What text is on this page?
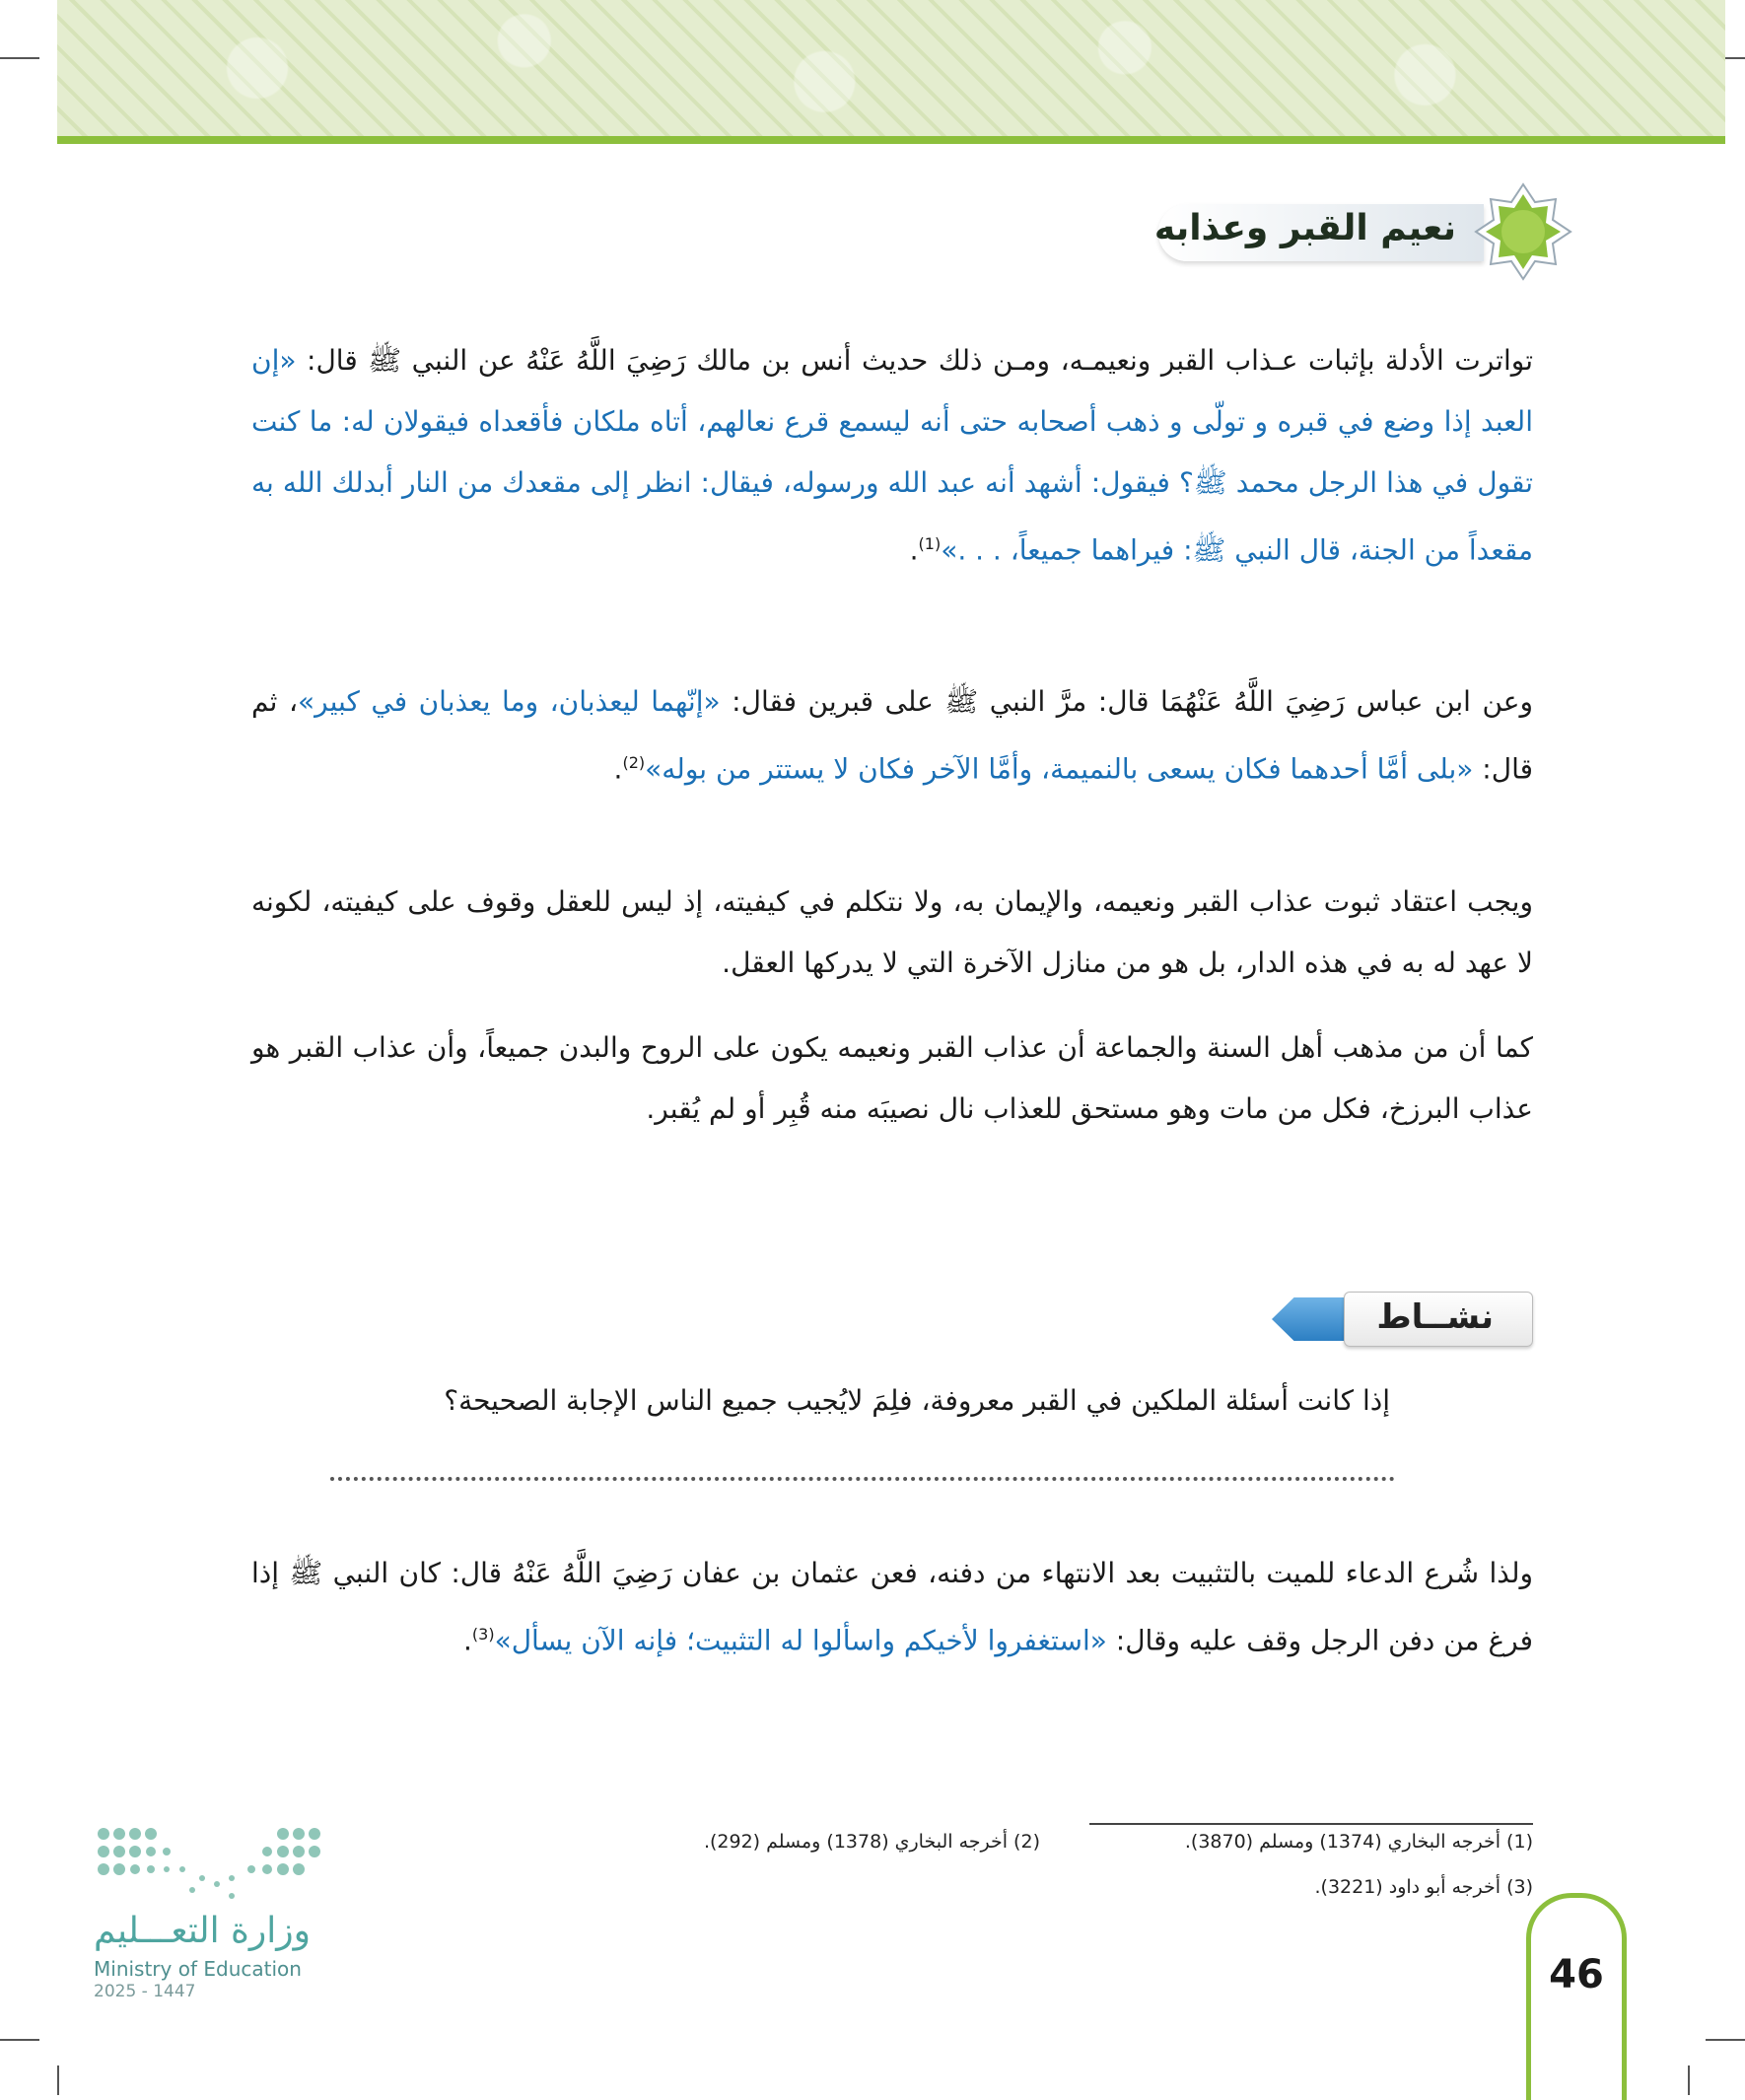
نعيم القبر وعذابه

تواترت الأدلة بإثبات عـذاب القبر ونعيمـه، ومـن ذلك حديث أنس بن مالك رَضِيَ اللَّهُ عَنْهُ عن النبي ﷺ قال: «إن العبد إذا وضع في قبره و تولّى و ذهب أصحابه حتى أنه ليسمع قرع نعالهم، أتاه ملكان فأقعداه فيقولان له: ما كنت تقول في هذا الرجل محمد ﷺ؟ فيقول: أشهد أنه عبد الله ورسوله، فيقال: انظر إلى مقعدك من النار أبدلك الله به مقعداً من الجنة، قال النبي ﷺ: فيراهما جميعاً، . . .»$^{(1)}$.

وعن ابن عباس رَضِيَ اللَّهُ عَنْهُمَا قال: مرَّ النبي ﷺ على قبرين فقال: «إنّهما ليعذبان، وما يعذبان في كبير»، ثم قال: «بلى أمَّا أحدهما فكان يسعى بالنميمة، وأمَّا الآخر فكان لا يستتر من بوله»$^{(2)}$.

ويجب اعتقاد ثبوت عذاب القبر ونعيمه، والإيمان به، ولا نتكلم في كيفيته، إذ ليس للعقل وقوف على كيفيته، لكونه لا عهد له به في هذه الدار، بل هو من منازل الآخرة التي لا يدركها العقل.

كما أن من مذهب أهل السنة والجماعة أن عذاب القبر ونعيمه يكون على الروح والبدن جميعاً، وأن عذاب القبر هو عذاب البرزخ، فكل من مات وهو مستحق للعذاب نال نصيبَه منه قُبِر أو لم يُقبر.

نشــاط

إذا كانت أسئلة الملكين في القبر معروفة، فلِمَ لايُجيب جميع الناس الإجابة الصحيحة؟

ولذا شُرع الدعاء للميت بالتثبيت بعد الانتهاء من دفنه، فعن عثمان بن عفان رَضِيَ اللَّهُ عَنْهُ قال: كان النبي ﷺ إذا فرغ من دفن الرجل وقف عليه وقال: «استغفروا لأخيكم واسألوا له التثبيت؛ فإنه الآن يسأل»$^{(3)}$.

(1) أخرجه البخاري (1374) ومسلم (3870).
(2) أخرجه البخاري (1378) ومسلم (292).
(3) أخرجه أبو داود (3221).
وزارة التعـــليم
Ministry of Education
2025 - 1447	46
